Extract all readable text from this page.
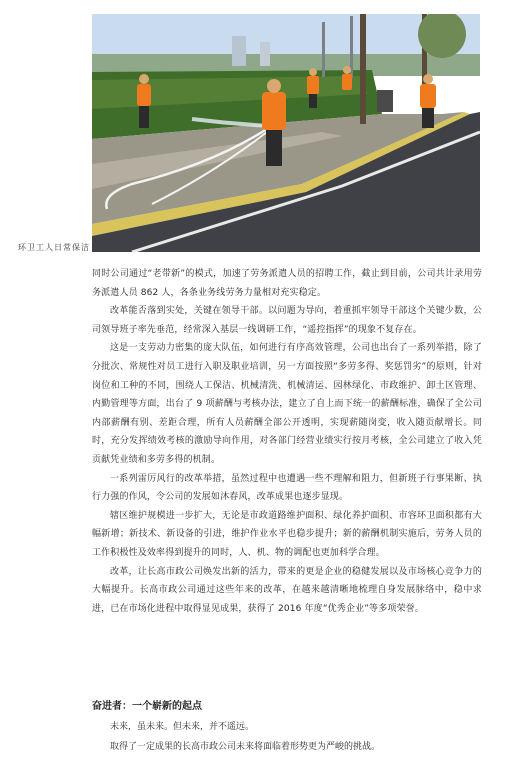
环卫工人日常保洁

同时公司通过“老带新”的模式，加速了劳务派遣人员的招聘工作，截止到目前，公司共计录用劳务派遣人员 862 人，各条业务线劳务力量相对充实稳定。

改革能否落到实处，关键在领导干部。以问题为导向，着重抓牢领导干部这个关键少数，公司领导班子率先垂范，经常深入基层一线调研工作，“遥控指挥”的现象不复存在。

这是一支劳动力密集的庞大队伍，如何进行有序高效管理，公司也出台了一系列举措，除了分批次、常规性对员工进行入职及职业培训，另一方面按照“多劳多得、奖惩罚劣”的原则，针对岗位和工种的不同，围绕人工保洁、机械清洗、机械清运、园林绿化、市政维护、卸土区管理、内勤管理等方面，出台了 9 项薪酬与考核办法，建立了自上而下统一的薪酬标准，确保了全公司内部薪酬有别、差距合理，所有人员薪酬全部公开透明，实现薪随岗变，收入随贡献增长。同时，充分发挥绩效考核的激励导向作用，对各部门经营业绩实行按月考核，全公司建立了收入凭贡献凭业绩和多劳多得的机制。

一系列雷厉风行的改革举措，虽然过程中也遭遇一些不理解和阻力，但新班子行事果断、执行力强的作风，令公司的发展如沐春风，改革成果也逐步显现。

辖区维护规模进一步扩大，无论是市政道路维护面积、绿化养护面积、市容环卫面积都有大幅新增；新技术、新设备的引进，维护作业水平也稳步提升；新的薪酬机制实施后，劳务人员的工作积极性及效率得到提升的同时，人、机、物的调配也更加科学合理。

改革，让长高市政公司焕发出新的活力，带来的更是企业的稳健发展以及市场核心竞争力的大幅提升。长高市政公司通过这些年来的改革，在越来越清晰地梳理自身发展脉络中，稳中求进，已在市场化进程中取得显见成果，获得了 2016 年度“优秀企业”等多项荣誉。

奋进者：一个崭新的起点

未来，虽未来。但未来，并不遥远。

取得了一定成果的长高市政公司未来将面临着形势更为严峻的挑战。
